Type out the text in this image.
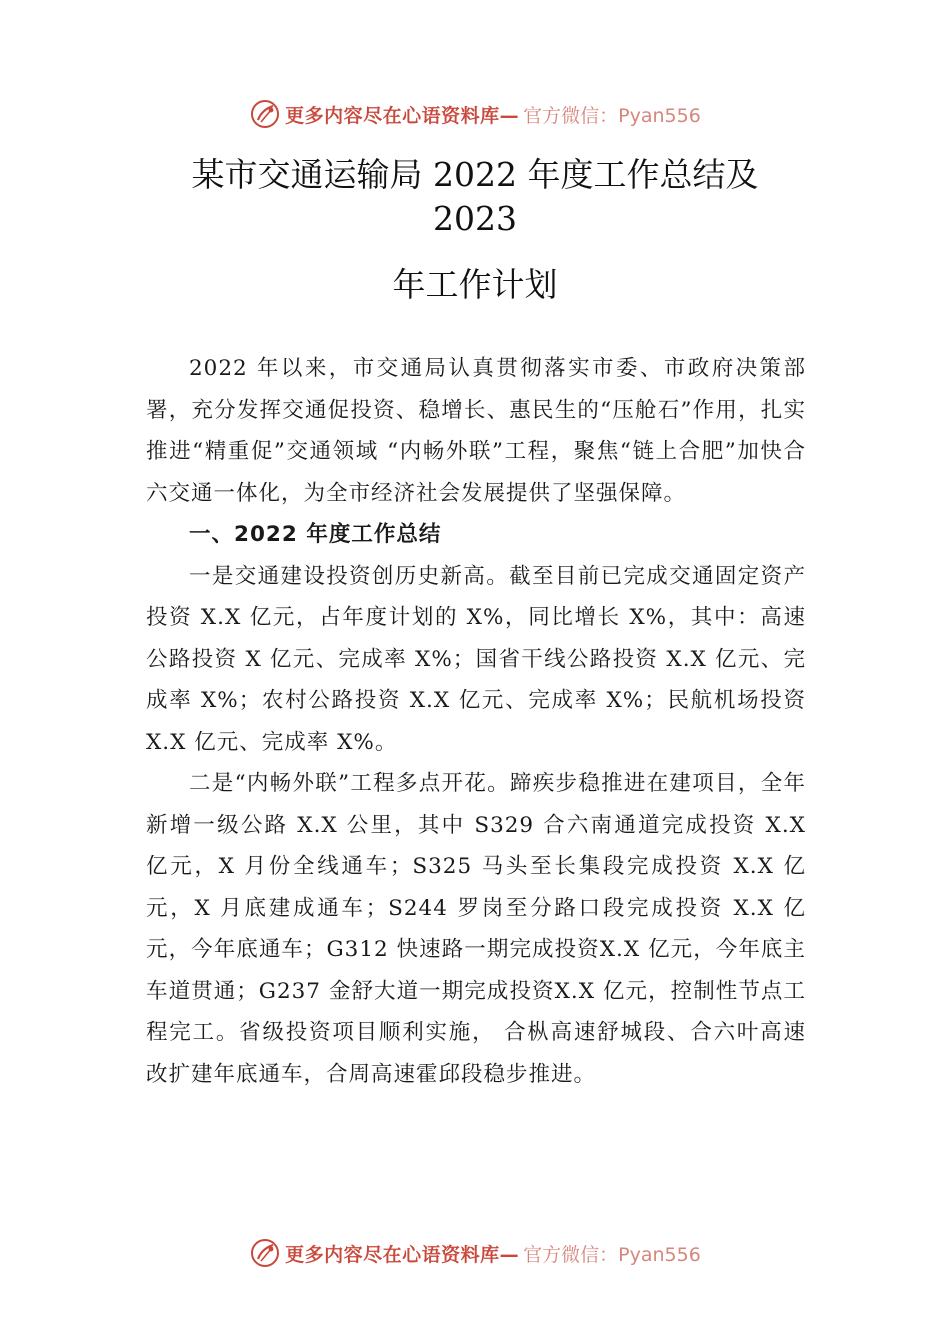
更多内容尽在心语资料库— 官方微信：Pyan556
某市交通运输局 2022 年度工作总结及
2023
年工作计划

2022 年以来，市交通局认真贯彻落实市委、市政府决策部署，充分发挥交通促投资、稳增长、惠民生的“压舱石”作用，扎实推进“精重促”交通领域 “内畅外联”工程，聚焦“链上合肥”加快合六交通一体化，为全市经济社会发展提供了坚强保障。

一、2022 年度工作总结

一是交通建设投资创历史新高。截至目前已完成交通固定资产投资 X.X 亿元，占年度计划的 X%，同比增长 X%，其中：高速公路投资 X 亿元、完成率 X%；国省干线公路投资 X.X 亿元、完成率 X%；农村公路投资 X.X 亿元、完成率 X%；民航机场投资 X.X 亿元、完成率 X%。

二是“内畅外联”工程多点开花。蹄疾步稳推进在建项目，全年新增一级公路 X.X 公里，其中 S329 合六南通道完成投资 X.X 亿元，X 月份全线通车；S325 马头至长集段完成投资 X.X 亿元，X 月底建成通车；S244 罗岗至分路口段完成投资 X.X 亿元，今年底通车；G312 快速路一期完成投资X.X 亿元，今年底主车道贯通；G237 金舒大道一期完成投资X.X 亿元，控制性节点工程完工。省级投资项目顺利实施， 合枞高速舒城段、合六叶高速改扩建年底通车，合周高速霍邱段稳步推进。

更多内容尽在心语资料库— 官方微信：Pyan556
